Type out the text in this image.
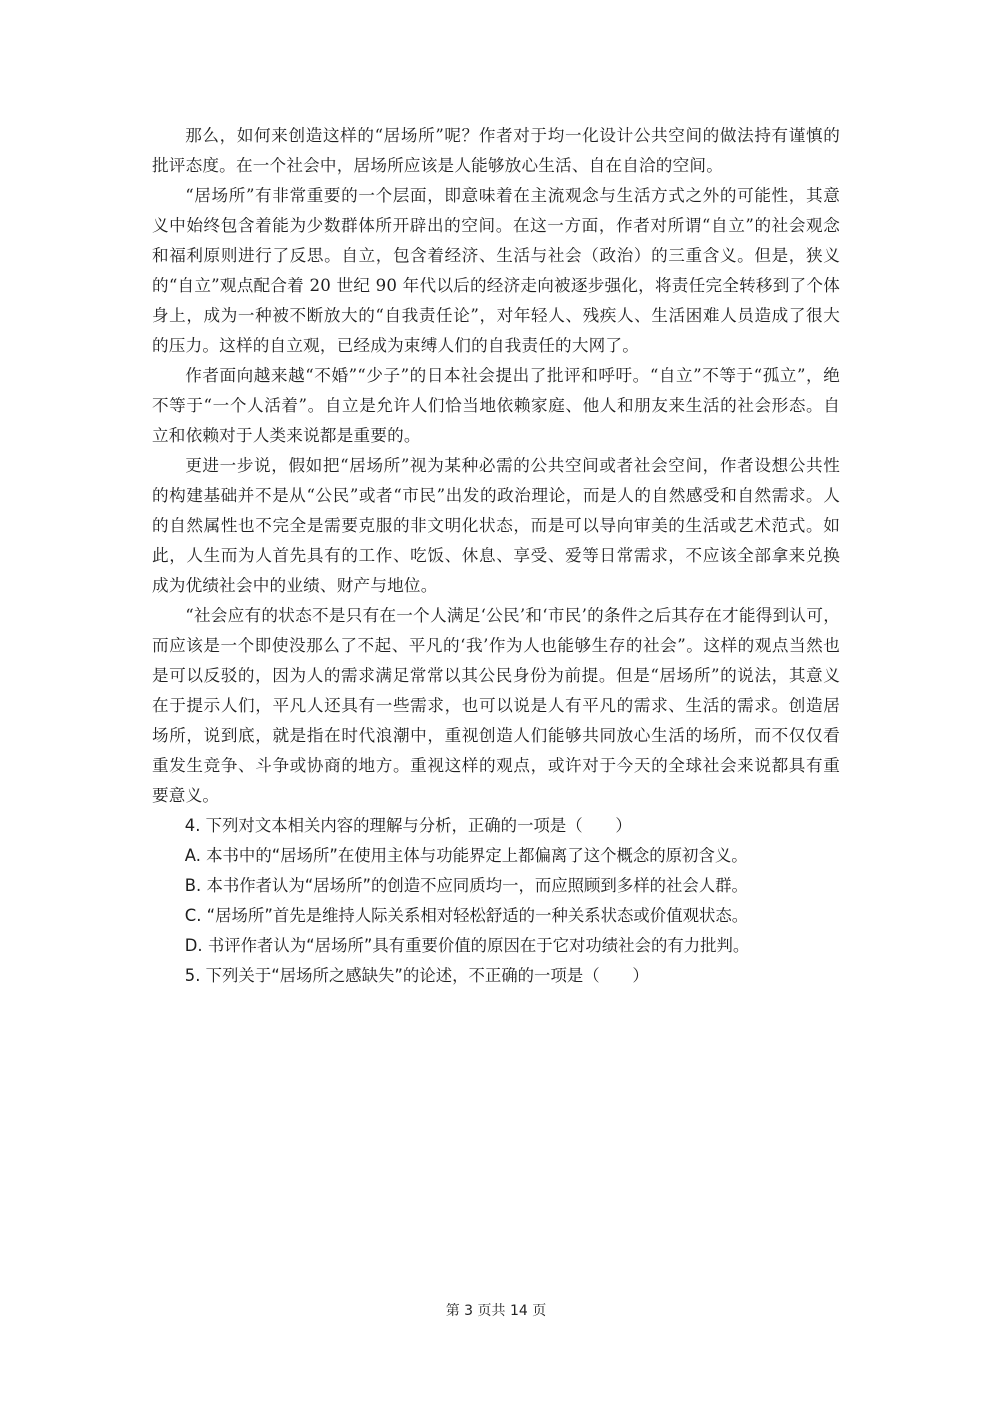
那么，如何来创造这样的“居场所”呢？作者对于均一化设计公共空间的做法持有谨慎的批评态度。在一个社会中，居场所应该是人能够放心生活、自在自洽的空间。

“居场所”有非常重要的一个层面，即意味着在主流观念与生活方式之外的可能性，其意义中始终包含着能为少数群体所开辟出的空间。在这一方面，作者对所谓“自立”的社会观念和福利原则进行了反思。自立，包含着经济、生活与社会（政治）的三重含义。但是，狭义的“自立”观点配合着 20 世纪 90 年代以后的经济走向被逐步强化，将责任完全转移到了个体身上，成为一种被不断放大的“自我责任论”，对年轻人、残疾人、生活困难人员造成了很大的压力。这样的自立观，已经成为束缚人们的自我责任的大网了。

作者面向越来越“不婚”“少子”的日本社会提出了批评和呼吁。“自立”不等于“孤立”，绝不等于“一个人活着”。自立是允许人们恰当地依赖家庭、他人和朋友来生活的社会形态。自立和依赖对于人类来说都是重要的。

更进一步说，假如把“居场所”视为某种必需的公共空间或者社会空间，作者设想公共性的构建基础并不是从“公民”或者“市民”出发的政治理论，而是人的自然感受和自然需求。人的自然属性也不完全是需要克服的非文明化状态，而是可以导向审美的生活或艺术范式。如此，人生而为人首先具有的工作、吃饭、休息、享受、爱等日常需求，不应该全部拿来兑换成为优绩社会中的业绩、财产与地位。

“社会应有的状态不是只有在一个人满足‘公民’和‘市民’的条件之后其存在才能得到认可，而应该是一个即使没那么了不起、平凡的‘我’作为人也能够生存的社会”。这样的观点当然也是可以反驳的，因为人的需求满足常常以其公民身份为前提。但是“居场所”的说法，其意义在于提示人们，平凡人还具有一些需求，也可以说是人有平凡的需求、生活的需求。创造居场所，说到底，就是指在时代浪潮中，重视创造人们能够共同放心生活的场所，而不仅仅看重发生竞争、斗争或协商的地方。重视这样的观点，或许对于今天的全球社会来说都具有重要意义。

4. 下列对文本相关内容的理解与分析，正确的一项是（　　）

A. 本书中的“居场所”在使用主体与功能界定上都偏离了这个概念的原初含义。

B. 本书作者认为“居场所”的创造不应同质均一，而应照顾到多样的社会人群。

C. “居场所”首先是维持人际关系相对轻松舒适的一种关系状态或价值观状态。

D. 书评作者认为“居场所”具有重要价值的原因在于它对功绩社会的有力批判。

5. 下列关于“居场所之感缺失”的论述，不正确的一项是（　　）

第 3 页共 14 页
